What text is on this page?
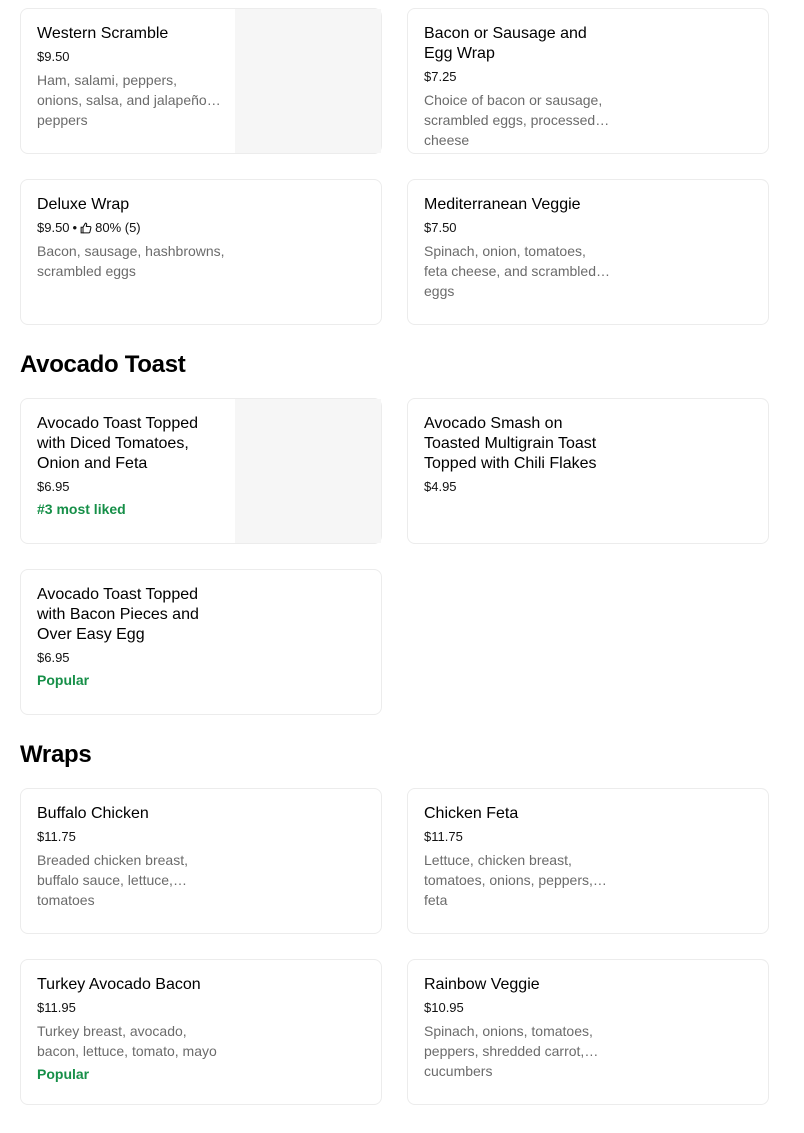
Western Scramble
$9.50
Ham, salami, peppers, onions, salsa, and jalapeño peppers
Bacon or Sausage and Egg Wrap
$7.25
Choice of bacon or sausage, scrambled eggs, processed cheese
Deluxe Wrap
$9.50 • 80% (5)
Bacon, sausage, hashbrowns, scrambled eggs
Mediterranean Veggie
$7.50
Spinach, onion, tomatoes, feta cheese, and scrambled eggs
Avocado Toast
Avocado Toast Topped with Diced Tomatoes, Onion and Feta
$6.95
#3 most liked
Avocado Smash on Toasted Multigrain Toast Topped with Chili Flakes
$4.95
Avocado Toast Topped with Bacon Pieces and Over Easy Egg
$6.95
Popular
Wraps
Buffalo Chicken
$11.75
Breaded chicken breast, buffalo sauce, lettuce, tomatoes
Chicken Feta
$11.75
Lettuce, chicken breast, tomatoes, onions, peppers, feta
Turkey Avocado Bacon
$11.95
Turkey breast, avocado, bacon, lettuce, tomato, mayo
Popular
Rainbow Veggie
$10.95
Spinach, onions, tomatoes, peppers, shredded carrot, cucumbers
